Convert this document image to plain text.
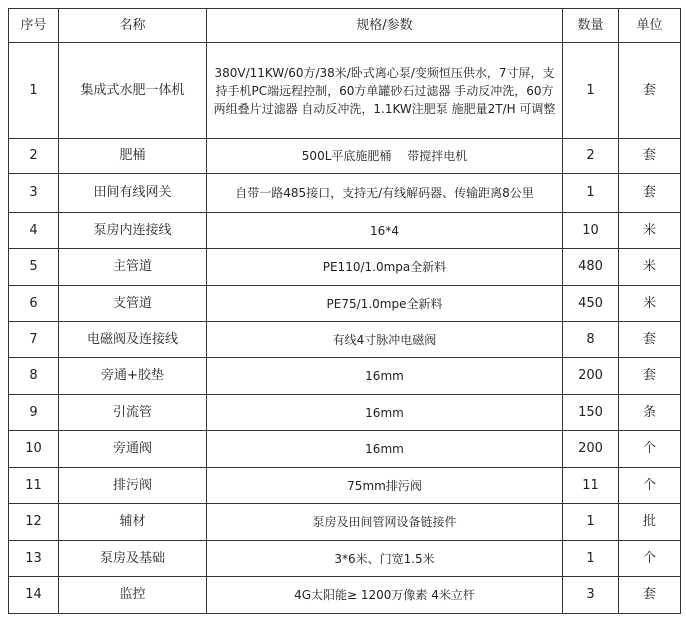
序号	名称	规格/参数	数量	单位
1	集成式水肥一体机	380V/11KW/60方/38米/卧式离心泵/变频恒压供水，7寸屏，支持手机PC端远程控制，60方单罐砂石过滤器 手动反冲洗，60方两组叠片过滤器 自动反冲洗，1.1KW注肥泵 施肥量2T/H 可调整	1	套
2	肥桶	500L平底施肥桶　 带搅拌电机	2	套
3	田间有线网关	自带一路485接口，支持无/有线解码器、传输距离8公里	1	套
4	泵房内连接线	16*4	10	米
5	主管道	PE110/1.0mpa全新料	480	米
6	支管道	PE75/1.0mpe全新料	450	米
7	电磁阀及连接线	有线4寸脉冲电磁阀	8	套
8	旁通+胶垫	16mm	200	套
9	引流管	16mm	150	条
10	旁通阀	16mm	200	个
11	排污阀	75mm排污阀	11	个
12	辅材	泵房及田间管网设备链接件	1	批
13	泵房及基础	3*6米、门宽1.5米	1	个
14	监控	4G太阳能≥ 1200万像素 4米立杆	3	套
